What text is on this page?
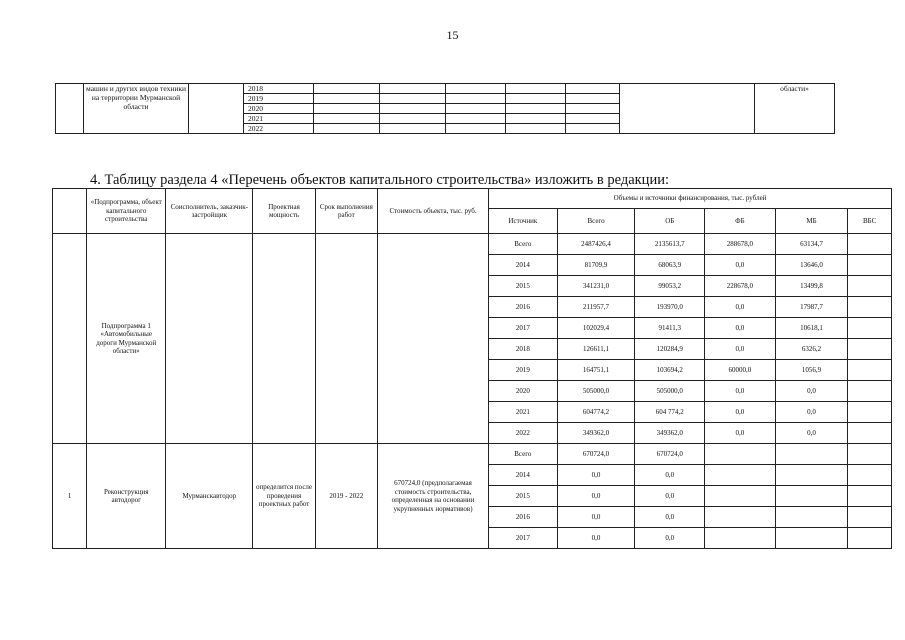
15
	машин и других видов техники на территории Мурманской области		2018							области»
			2019							
			2020							
			2021							
			2022							
4. Таблицу раздела 4 «Перечень объектов капитального строительства» изложить в редакции:
	«Подпрограмма, объект капитального строительства	Соисполнитель, заказчик-застройщик	Проектная мощность	Срок выполнения работ	Стоимость объекта, тыс. руб.	Объемы и источники финансирования, тыс. рублей					
						Источник	Всего	ОБ	ФБ	МБ	ВБС
	Подпрограмма 1 «Автомобильные дороги Мурманской области»					Всего	2487426,4	2135613,7	288678,0	63134,7	
						2014	81709,9	68063,9	0,0	13646,0	
						2015	341231,0	99053,2	228678,0	13499,8	
						2016	211957,7	193970,0	0,0	17987,7	
						2017	102029,4	91411,3	0,0	10618,1	
						2018	126611,1	120284,9	0,0	6326,2	
						2019	164751,1	103694,2	60000,0	1056,9	
						2020	505000,0	505000,0	0,0	0,0	
						2021	604774,2	604 774,2	0,0	0,0	
						2022	349362,0	349362,0	0,0	0,0	
1	Реконструкция автодорог	Мурманскавтодор	определится после проведения проектных работ	2019 - 2022	670724,0 (предполагаемая стоимость строительства, определенная на основании укрупненных нормативов)	Всего	670724,0	670724,0			
						2014	0,0	0,0			
						2015	0,0	0,0			
						2016	0,0	0,0			
						2017	0,0	0,0			
